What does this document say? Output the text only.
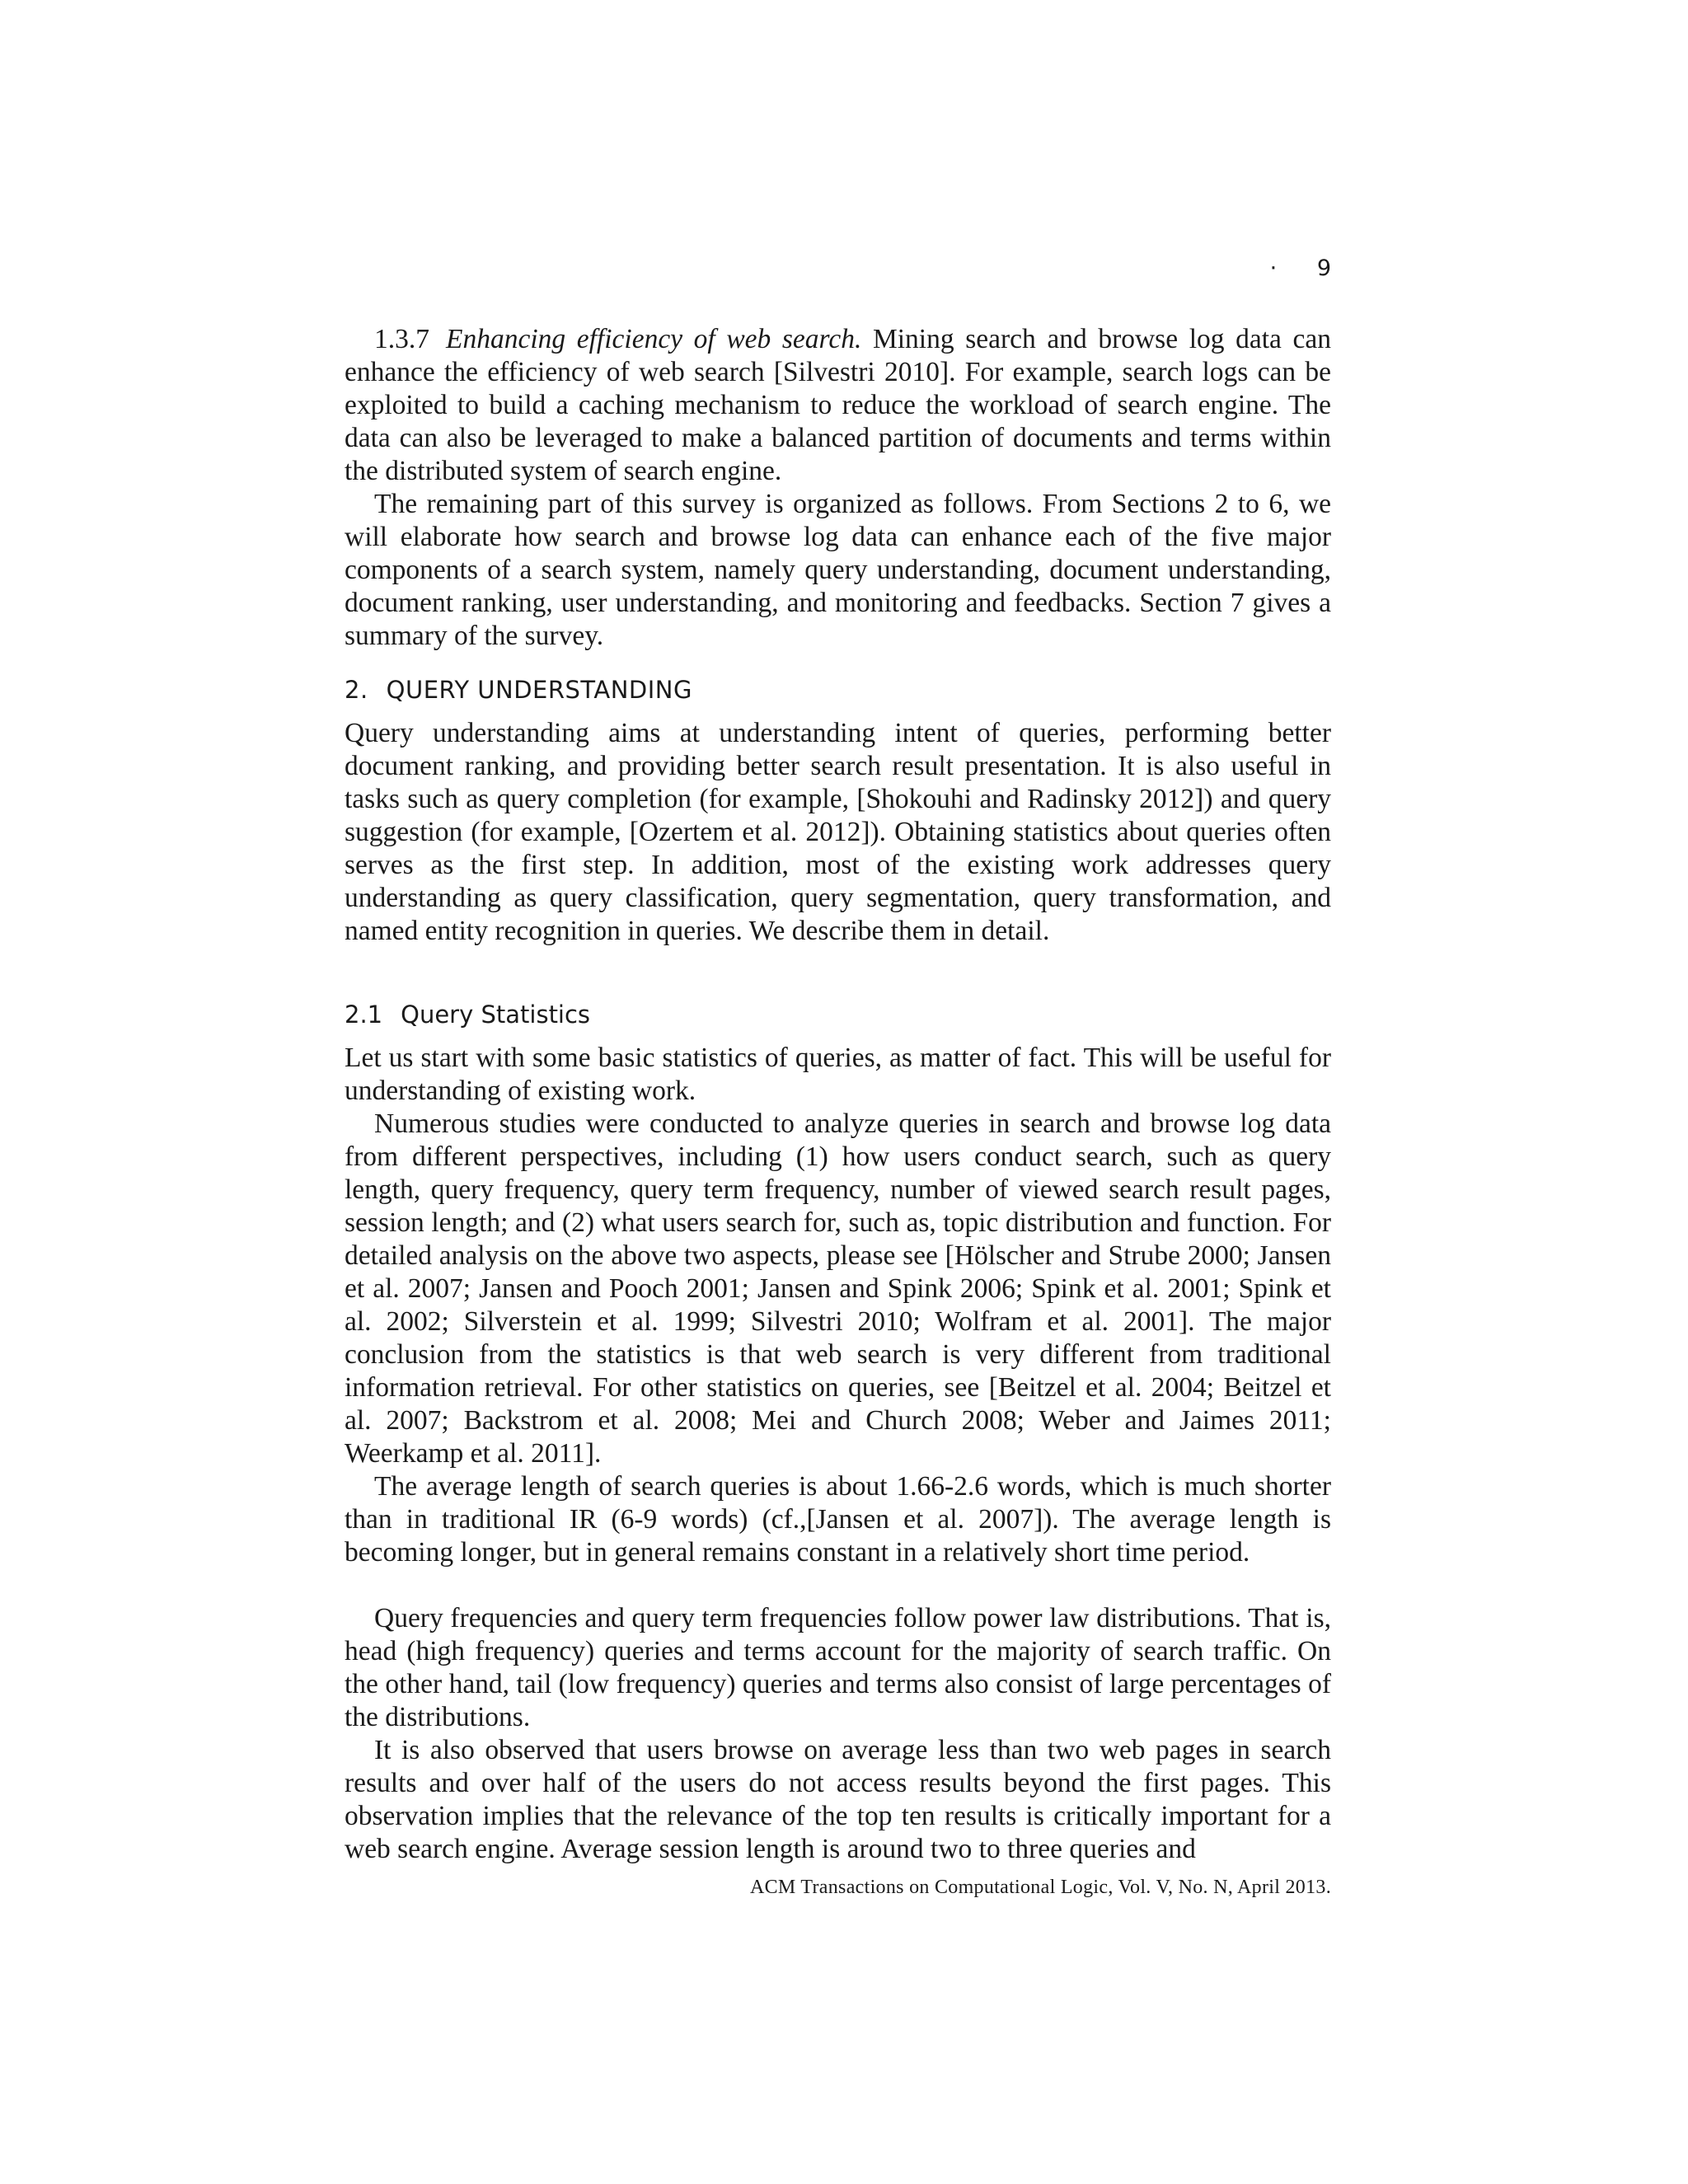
· 9

1.3.7 Enhancing efficiency of web search. Mining search and browse log data can enhance the efficiency of web search [Silvestri 2010]. For example, search logs can be exploited to build a caching mechanism to reduce the workload of search engine. The data can also be leveraged to make a balanced partition of documents and terms within the distributed system of search engine.

The remaining part of this survey is organized as follows. From Sections 2 to 6, we will elaborate how search and browse log data can enhance each of the five major components of a search system, namely query understanding, document understanding, document ranking, user understanding, and monitoring and feedbacks. Section 7 gives a summary of the survey.

2. QUERY UNDERSTANDING

Query understanding aims at understanding intent of queries, performing better document ranking, and providing better search result presentation. It is also useful in tasks such as query completion (for example, [Shokouhi and Radinsky 2012]) and query suggestion (for example, [Ozertem et al. 2012]). Obtaining statistics about queries often serves as the first step. In addition, most of the existing work addresses query understanding as query classification, query segmentation, query transformation, and named entity recognition in queries. We describe them in detail.

2.1 Query Statistics

Let us start with some basic statistics of queries, as matter of fact. This will be useful for understanding of existing work.

Numerous studies were conducted to analyze queries in search and browse log data from different perspectives, including (1) how users conduct search, such as query length, query frequency, query term frequency, number of viewed search result pages, session length; and (2) what users search for, such as, topic distribution and function. For detailed analysis on the above two aspects, please see [Hölscher and Strube 2000; Jansen et al. 2007; Jansen and Pooch 2001; Jansen and Spink 2006; Spink et al. 2001; Spink et al. 2002; Silverstein et al. 1999; Silvestri 2010; Wolfram et al. 2001]. The major conclusion from the statistics is that web search is very different from traditional information retrieval. For other statistics on queries, see [Beitzel et al. 2004; Beitzel et al. 2007; Backstrom et al. 2008; Mei and Church 2008; Weber and Jaimes 2011; Weerkamp et al. 2011].

The average length of search queries is about 1.66-2.6 words, which is much shorter than in traditional IR (6-9 words) (cf.,[Jansen et al. 2007]). The average length is becoming longer, but in general remains constant in a relatively short time period.

Query frequencies and query term frequencies follow power law distributions. That is, head (high frequency) queries and terms account for the majority of search traffic. On the other hand, tail (low frequency) queries and terms also consist of large percentages of the distributions.

It is also observed that users browse on average less than two web pages in search results and over half of the users do not access results beyond the first pages. This observation implies that the relevance of the top ten results is critically important for a web search engine. Average session length is around two to three queries and

ACM Transactions on Computational Logic, Vol. V, No. N, April 2013.
